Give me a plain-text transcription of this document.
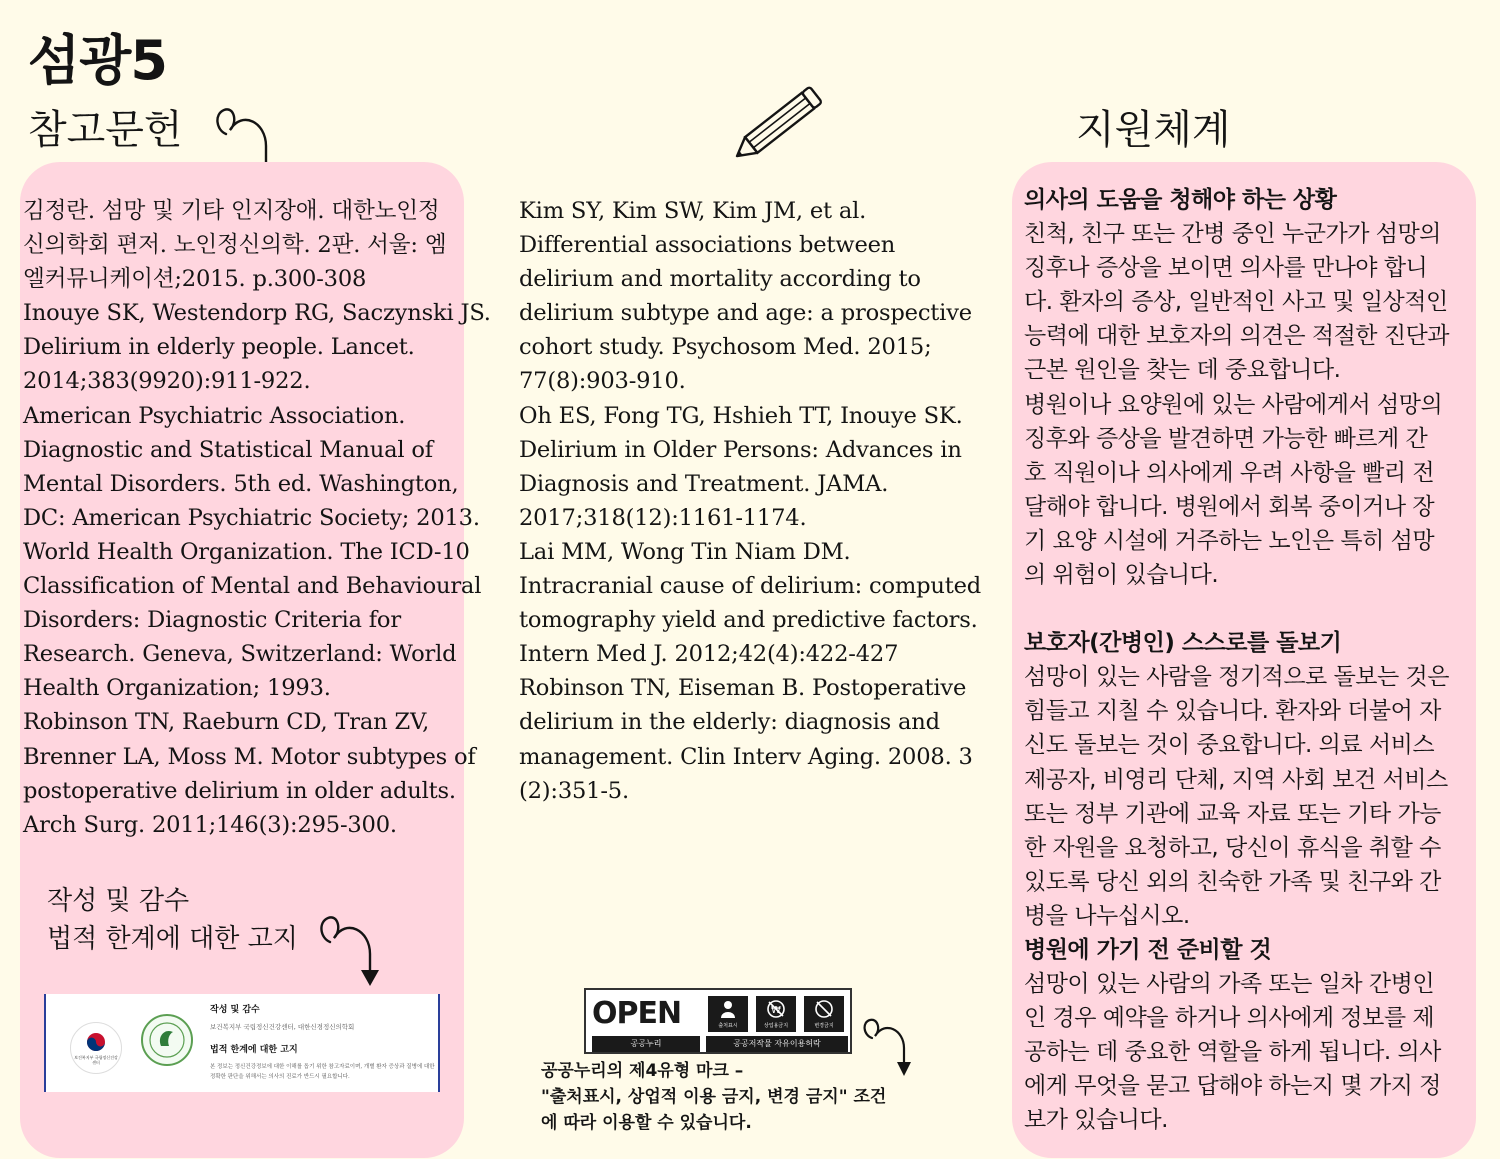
섬광5
참고문헌	지원체계
김정란. 섬망 및 기타 인지장애. 대한노인정
신의학회 편저. 노인정신의학. 2판. 서울: 엠
엘커뮤니케이션;2015. p.300-308
Inouye SK, Westendorp RG, Saczynski JS.
Delirium in elderly people. Lancet.
2014;383(9920):911-922.
American Psychiatric Association.
Diagnostic and Statistical Manual of
Mental Disorders. 5th ed. Washington,
DC: American Psychiatric Society; 2013.
World Health Organization. The ICD-10
Classification of Mental and Behavioural
Disorders: Diagnostic Criteria for
Research. Geneva, Switzerland: World
Health Organization; 1993.
Robinson TN, Raeburn CD, Tran ZV,
Brenner LA, Moss M. Motor subtypes of
postoperative delirium in older adults.
Arch Surg. 2011;146(3):295-300.
작성 및 감수
법적 한계에 대한 고지
보건복지부 국립정신건강센터
작성 및 감수
보건복지부 국립정신건강센터, 대한신경정신의학회
법적 한계에 대한 고지
본 정보는 정신건강정보에 대한 이해를 돕기 위한 참고자료이며, 개별 환자 증상과 질병에 대한 정확한 판단을 위해서는 의사의 진료가 반드시 필요합니다.
Kim SY, Kim SW, Kim JM, et al.
Differential associations between
delirium and mortality according to
delirium subtype and age: a prospective
cohort study. Psychosom Med. 2015;
77(8):903-910.
Oh ES, Fong TG, Hshieh TT, Inouye SK.
Delirium in Older Persons: Advances in
Diagnosis and Treatment. JAMA.
2017;318(12):1161-1174.
Lai MM, Wong Tin Niam DM.
Intracranial cause of delirium: computed
tomography yield and predictive factors.
Intern Med J. 2012;42(4):422-427
Robinson TN, Eiseman B. Postoperative
delirium in the elderly: diagnosis and
management. Clin Interv Aging. 2008. 3
(2):351-5.
OPEN
공공누리
출처표시
₩
상업용금지	변경금지
공공저작물 자유이용허락
공공누리의 제4유형 마크 –
"출처표시, 상업적 이용 금지, 변경 금지" 조건
에 따라 이용할 수 있습니다.
의사의 도움을 청해야 하는 상황
친척, 친구 또는 간병 중인 누군가가 섬망의
징후나 증상을 보이면 의사를 만나야 합니
다. 환자의 증상, 일반적인 사고 및 일상적인
능력에 대한 보호자의 의견은 적절한 진단과
근본 원인을 찾는 데 중요합니다.
병원이나 요양원에 있는 사람에게서 섬망의
징후와 증상을 발견하면 가능한 빠르게 간
호 직원이나 의사에게 우려 사항을 빨리 전
달해야 합니다. 병원에서 회복 중이거나 장
기 요양 시설에 거주하는 노인은 특히 섬망
의 위험이 있습니다.
보호자(간병인) 스스로를 돌보기
섬망이 있는 사람을 정기적으로 돌보는 것은
힘들고 지칠 수 있습니다. 환자와 더불어 자
신도 돌보는 것이 중요합니다. 의료 서비스
제공자, 비영리 단체, 지역 사회 보건 서비스
또는 정부 기관에 교육 자료 또는 기타 가능
한 자원을 요청하고, 당신이 휴식을 취할 수
있도록 당신 외의 친숙한 가족 및 친구와 간
병을 나누십시오.
병원에 가기 전 준비할 것
섬망이 있는 사람의 가족 또는 일차 간병인
인 경우 예약을 하거나 의사에게 정보를 제
공하는 데 중요한 역할을 하게 됩니다. 의사
에게 무엇을 묻고 답해야 하는지 몇 가지 정
보가 있습니다.
